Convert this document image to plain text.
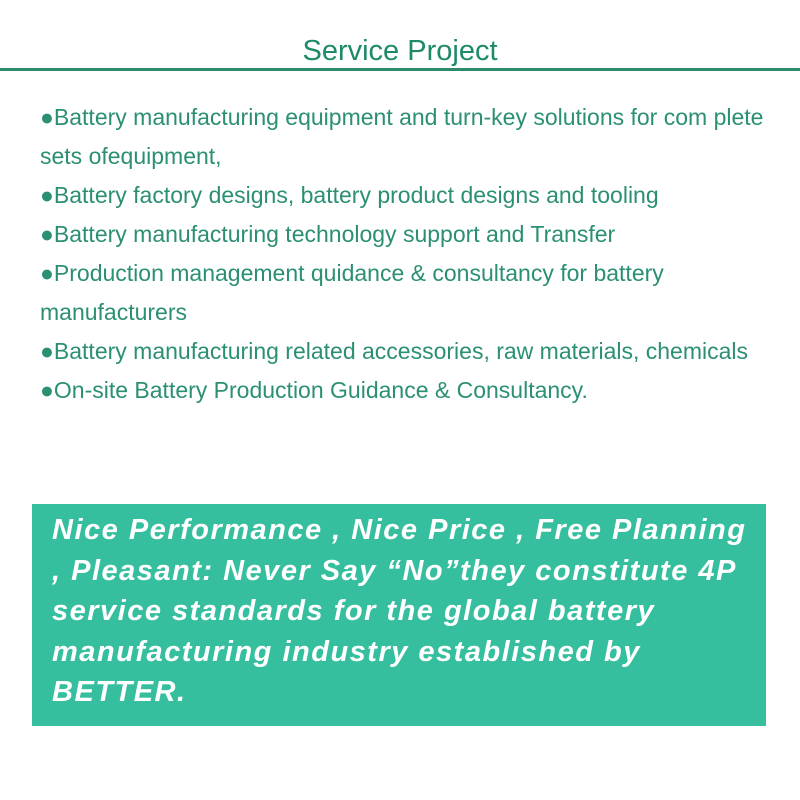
Service Project
●Battery manufacturing equipment and turn-key solutions for com plete sets ofequipment,
●Battery factory designs, battery product designs and tooling
●Battery manufacturing technology support and Transfer
●Production management quidance & consultancy for battery manufacturers
●Battery manufacturing related accessories, raw materials, chemicals
●On-site Battery Production Guidance & Consultancy.

Nice Performance , Nice Price , Free Planning , Pleasant: Never Say “No”they constitute 4P service standards for the global battery manufacturing industry established by BETTER.
